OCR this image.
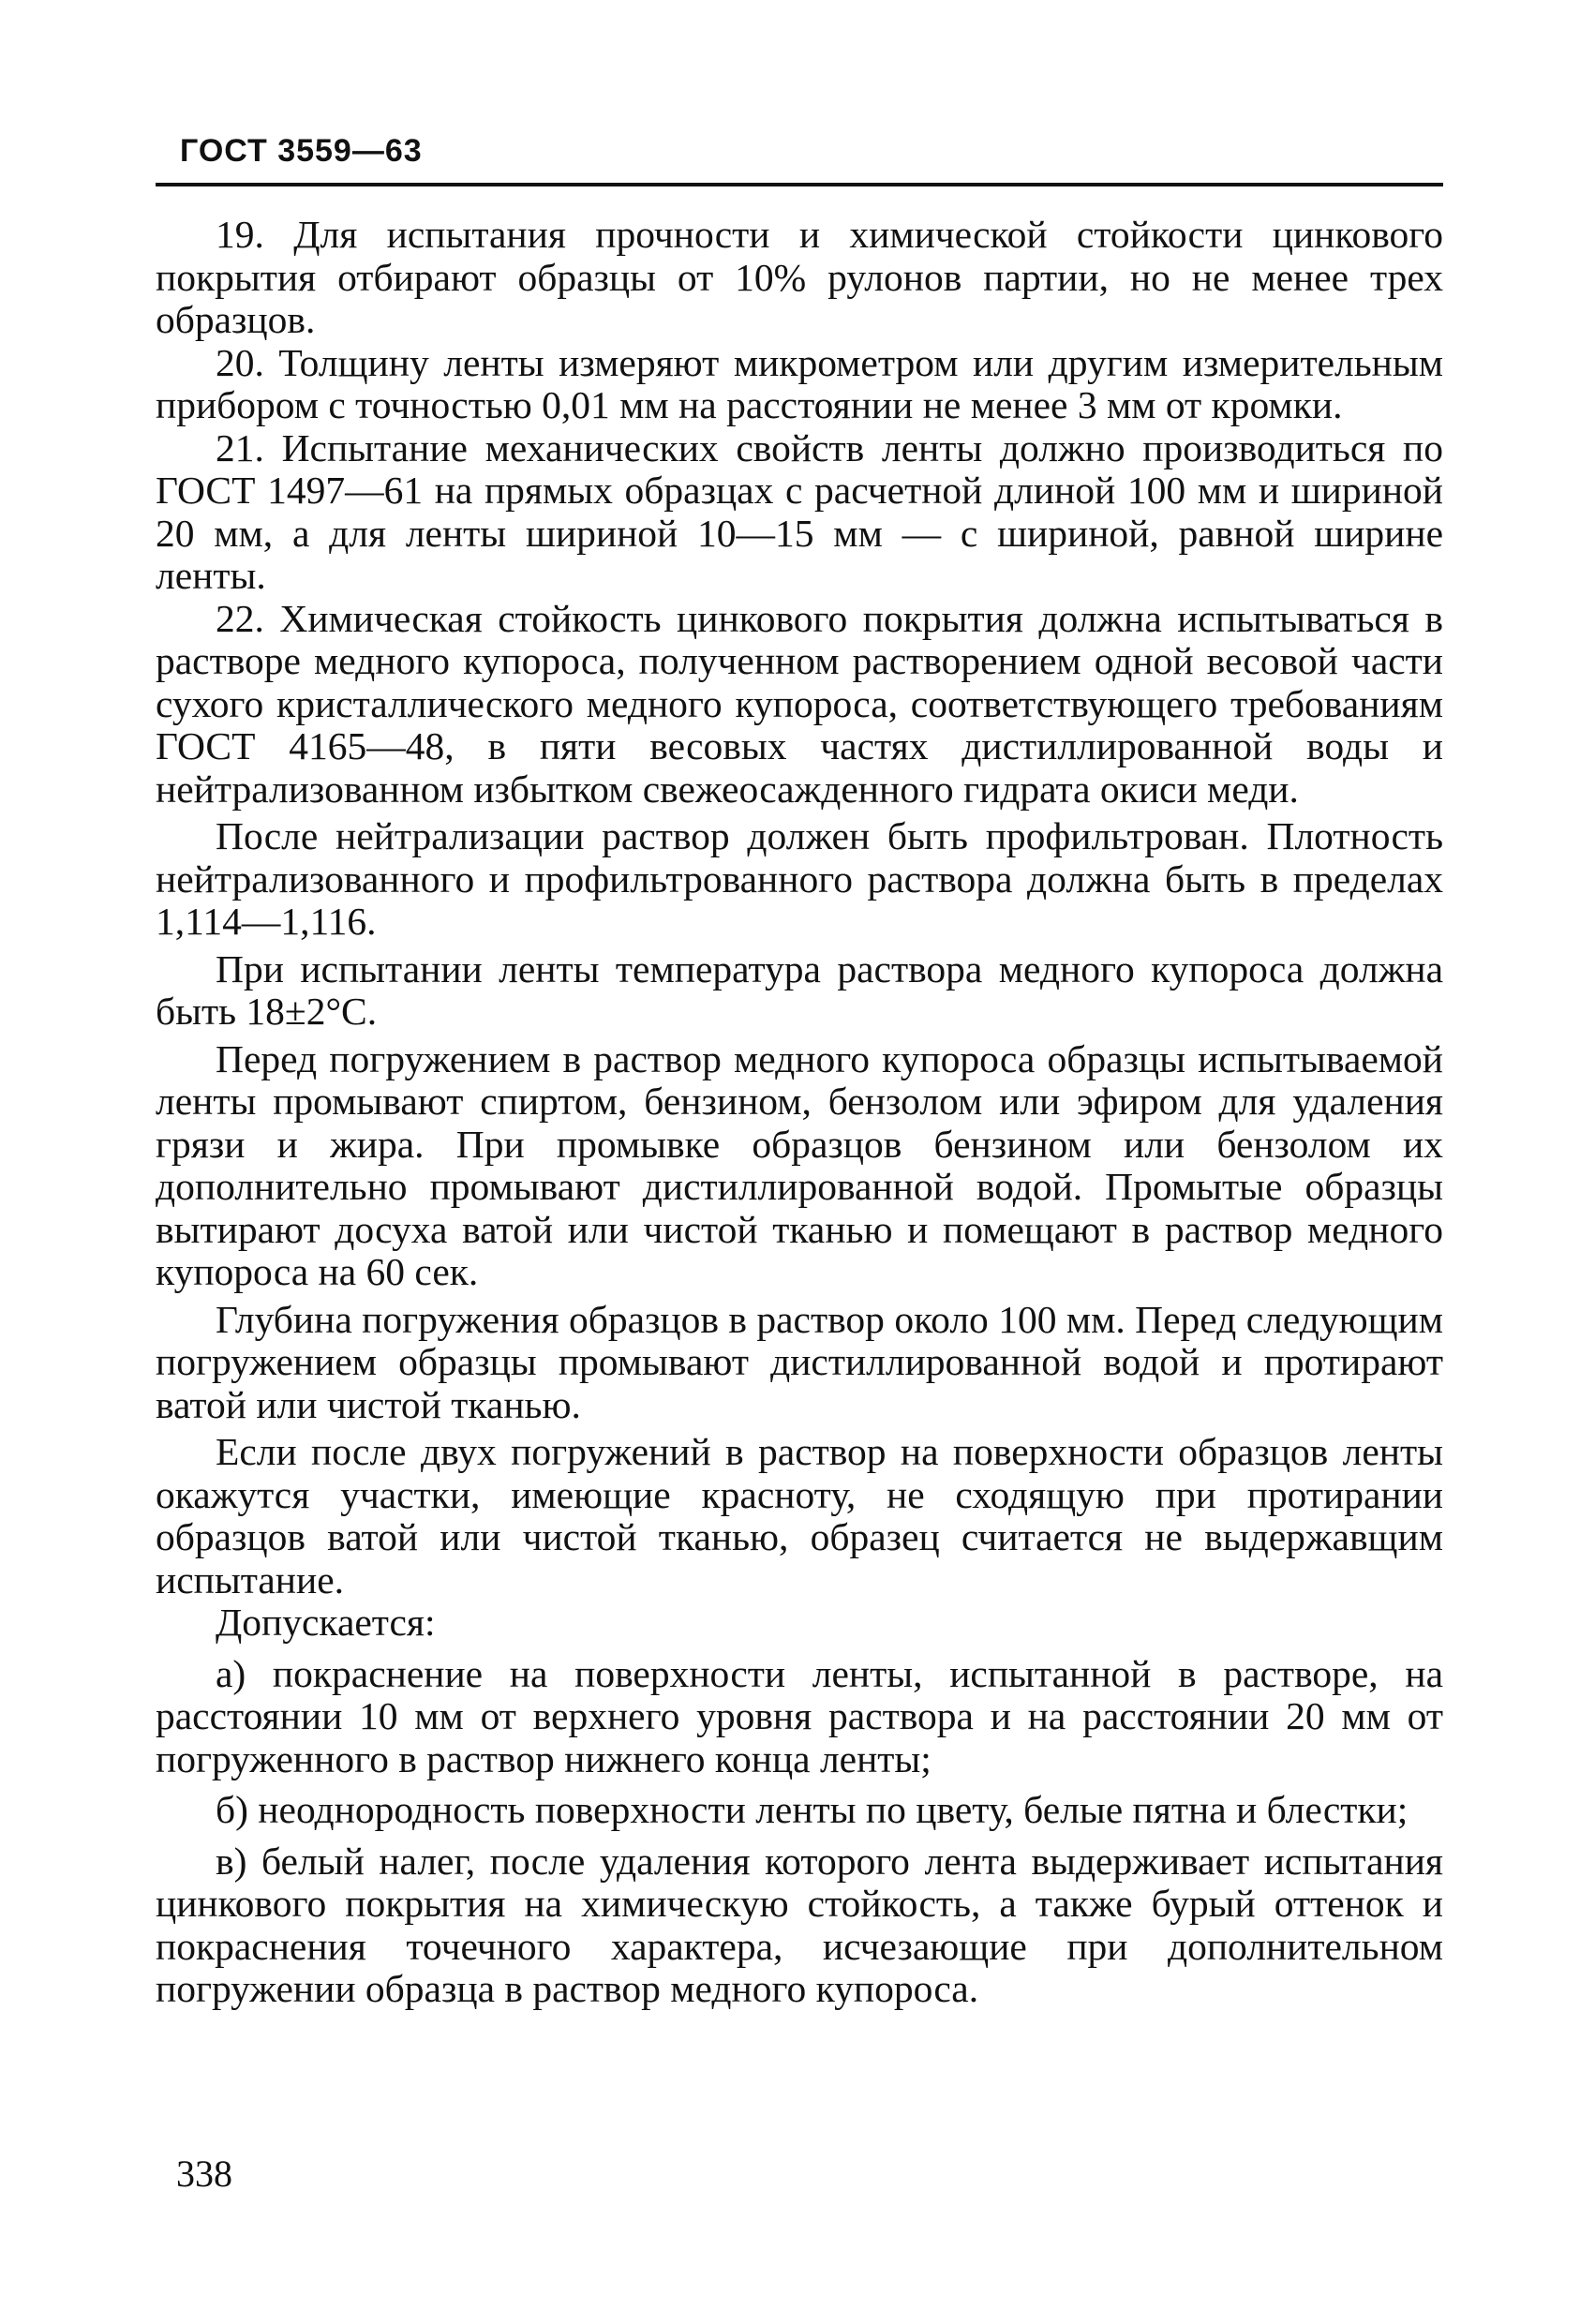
ГОСТ 3559—63

19. Для испытания прочности и химической стойкости цинкового покрытия отбирают образцы от 10% рулонов партии, но не менее трех образцов.

20. Толщину ленты измеряют микрометром или другим измерительным прибором с точностью 0,01 мм на расстоянии не менее 3 мм от кромки.

21. Испытание механических свойств ленты должно производиться по ГОСТ 1497—61 на прямых образцах с расчетной длиной 100 мм и шириной 20 мм, а для ленты шириной 10—15 мм — с шириной, равной ширине ленты.

22. Химическая стойкость цинкового покрытия должна испытываться в растворе медного купороса, полученном растворением одной весовой части сухого кристаллического медного купороса, соответствующего требованиям ГОСТ 4165—48, в пяти весовых частях дистиллированной воды и нейтрализованном избытком свежеосажденного гидрата окиси меди.

После нейтрализации раствор должен быть профильтрован. Плотность нейтрализованного и профильтрованного раствора должна быть в пределах 1,114—1,116.

При испытании ленты температура раствора медного купороса должна быть 18±2°С.

Перед погружением в раствор медного купороса образцы испытываемой ленты промывают спиртом, бензином, бензолом или эфиром для удаления грязи и жира. При промывке образцов бензином или бензолом их дополнительно промывают дистиллированной водой. Промытые образцы вытирают досуха ватой или чистой тканью и помещают в раствор медного купороса на 60 сек.

Глубина погружения образцов в раствор около 100 мм. Перед следующим погружением образцы промывают дистиллированной водой и протирают ватой или чистой тканью.

Если после двух погружений в раствор на поверхности образцов ленты окажутся участки, имеющие красноту, не сходящую при протирании образцов ватой или чистой тканью, образец считается не выдержавщим испытание.

Допускается:

а) покраснение на поверхности ленты, испытанной в растворе, на расстоянии 10 мм от верхнего уровня раствора и на расстоянии 20 мм от погруженного в раствор нижнего конца ленты;

б) неоднородность поверхности ленты по цвету, белые пятна и блестки;

в) белый налег, после удаления которого лента выдерживает испытания цинкового покрытия на химическую стойкость, а также бурый оттенок и покраснения точечного характера, исчезающие при дополнительном погружении образца в раствор медного купороса.

338
